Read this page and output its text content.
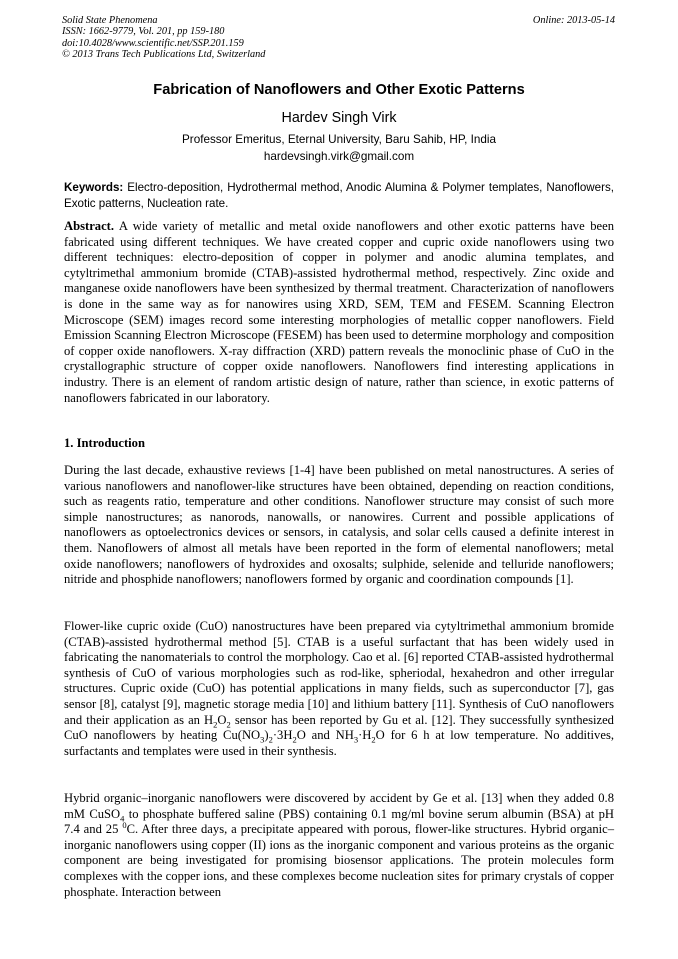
Solid State Phenomena
ISSN: 1662-9779, Vol. 201, pp 159-180
doi:10.4028/www.scientific.net/SSP.201.159
© 2013 Trans Tech Publications Ltd, Switzerland
Online: 2013-05-14
Fabrication of Nanoflowers and Other Exotic Patterns
Hardev Singh Virk
Professor Emeritus, Eternal University, Baru Sahib, HP, India
hardevsingh.virk@gmail.com
Keywords: Electro-deposition, Hydrothermal method, Anodic Alumina & Polymer templates, Nanoflowers, Exotic patterns, Nucleation rate.
Abstract. A wide variety of metallic and metal oxide nanoflowers and other exotic patterns have been fabricated using different techniques. We have created copper and cupric oxide nanoflowers using two different techniques: electro-deposition of copper in polymer and anodic alumina templates, and cytyltrimethal ammonium bromide (CTAB)-assisted hydrothermal method, respectively. Zinc oxide and manganese oxide nanoflowers have been synthesized by thermal treatment. Characterization of nanoflowers is done in the same way as for nanowires using XRD, SEM, TEM and FESEM. Scanning Electron Microscope (SEM) images record some interesting morphologies of metallic copper nanoflowers. Field Emission Scanning Electron Microscope (FESEM) has been used to determine morphology and composition of copper oxide nanoflowers. X-ray diffraction (XRD) pattern reveals the monoclinic phase of CuO in the crystallographic structure of copper oxide nanoflowers. Nanoflowers find interesting applications in industry. There is an element of random artistic design of nature, rather than science, in exotic patterns of nanoflowers fabricated in our laboratory.
1. Introduction
During the last decade, exhaustive reviews [1-4] have been published on metal nanostructures. A series of various nanoflowers and nanoflower-like structures have been obtained, depending on reaction conditions, such as reagents ratio, temperature and other conditions. Nanoflower structure may consist of such more simple nanostructures; as nanorods, nanowalls, or nanowires. Current and possible applications of nanoflowers as optoelectronics devices or sensors, in catalysis, and solar cells caused a definite interest in them. Nanoflowers of almost all metals have been reported in the form of elemental nanoflowers; metal oxide nanoflowers; nanoflowers of hydroxides and oxosalts; sulphide, selenide and telluride nanoflowers; nitride and phosphide nanoflowers; nanoflowers formed by organic and coordination compounds [1].
Flower-like cupric oxide (CuO) nanostructures have been prepared via cytyltrimethal ammonium bromide (CTAB)-assisted hydrothermal method [5]. CTAB is a useful surfactant that has been widely used in fabricating the nanomaterials to control the morphology. Cao et al. [6] reported CTAB-assisted hydrothermal synthesis of CuO of various morphologies such as rod-like, spheriodal, hexahedron and other irregular structures. Cupric oxide (CuO) has potential applications in many fields, such as superconductor [7], gas sensor [8], catalyst [9], magnetic storage media [10] and lithium battery [11]. Synthesis of CuO nanoflowers and their application as an $H_2O_2$ sensor has been reported by Gu et al. [12]. They successfully synthesized CuO nanoflowers by heating $Cu(NO_3)_2\cdot 3H_2O$ and $NH_3\cdot H_2O$ for 6 h at low temperature. No additives, surfactants and templates were used in their synthesis.
Hybrid organic–inorganic nanoflowers were discovered by accident by Ge et al. [13] when they added 0.8 mM CuSO$_4$ to phosphate buffered saline (PBS) containing 0.1 mg/ml bovine serum albumin (BSA) at pH 7.4 and 25 $^0$C. After three days, a precipitate appeared with porous, flower-like structures. Hybrid organic–inorganic nanoflowers using copper (II) ions as the inorganic component and various proteins as the organic component are being investigated for promising biosensor applications. The protein molecules form complexes with the copper ions, and these complexes become nucleation sites for primary crystals of copper phosphate. Interaction between
